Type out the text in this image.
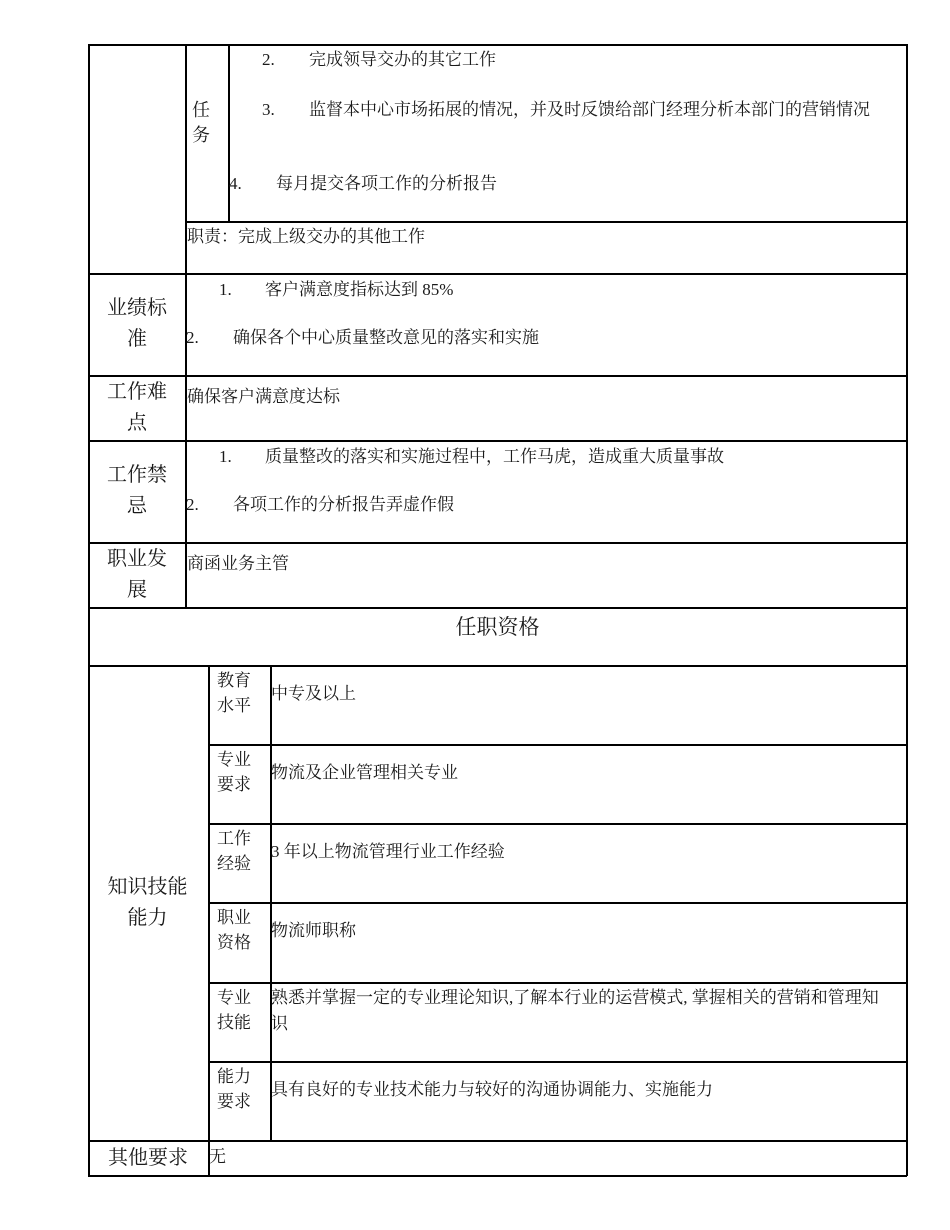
任务
2. 完成领导交办的其它工作
3. 监督本中心市场拓展的情况，并及时反馈给部门经理分析本部门的营销情况
4. 每月提交各项工作的分析报告
职责：完成上级交办的其他工作
业绩标准
1. 客户满意度指标达到 85%
2. 确保各个中心质量整改意见的落实和实施
工作难点
确保客户满意度达标
工作禁忌
1. 质量整改的落实和实施过程中，工作马虎，造成重大质量事故
2. 各项工作的分析报告弄虚作假
职业发展
商函业务主管
任职资格
知识技能能力
教育水平
中专及以上
专业要求
物流及企业管理相关专业
工作经验
3 年以上物流管理行业工作经验
职业资格
物流师职称
专业技能
熟悉并掌握一定的专业理论知识,了解本行业的运营模式, 掌握相关的营销和管理知识
能力要求
具有良好的专业技术能力与较好的沟通协调能力、实施能力
其他要求	无
